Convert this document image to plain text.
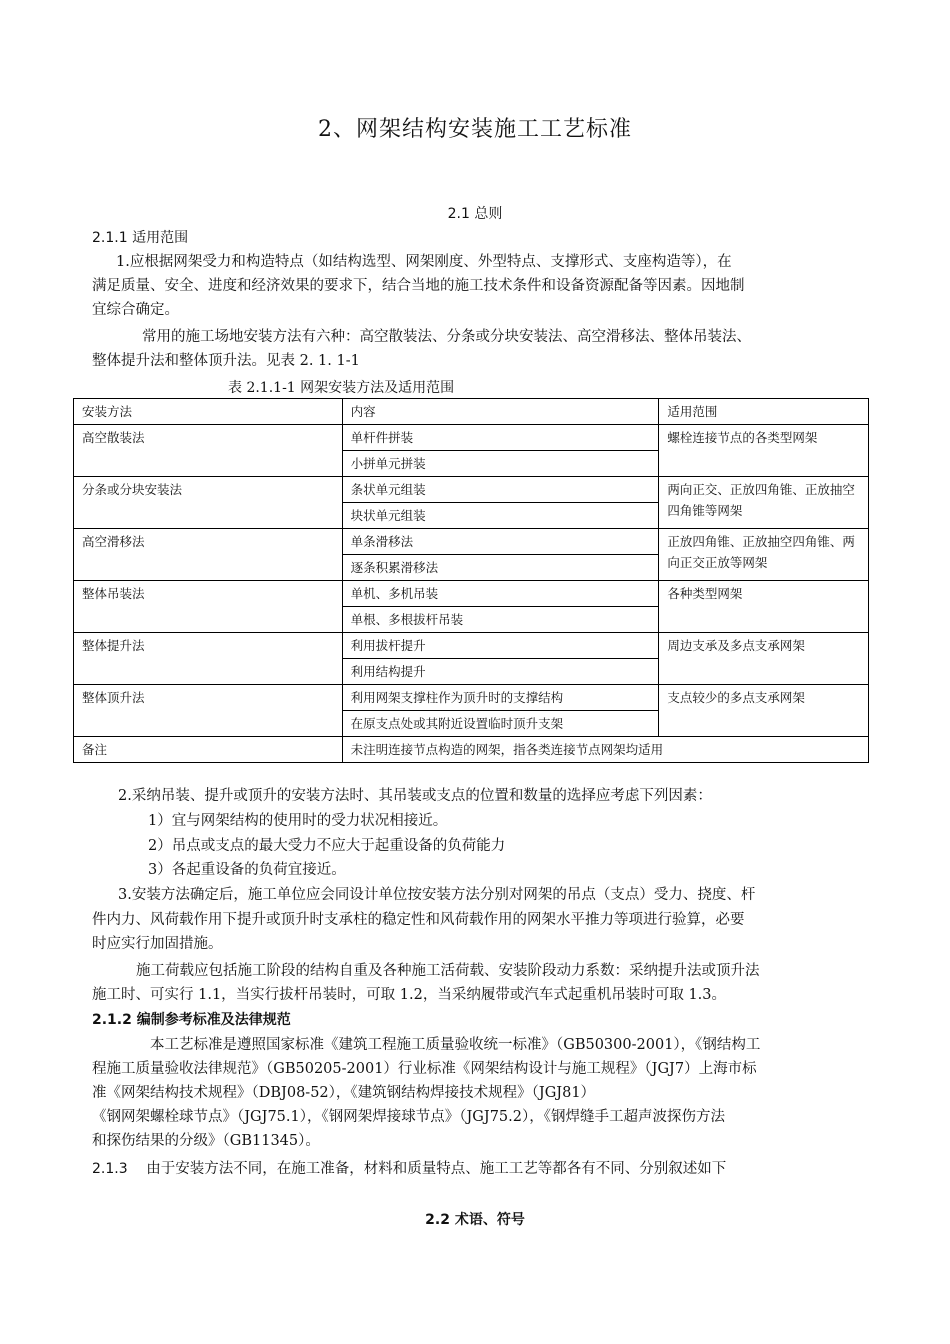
2、网架结构安装施工工艺标准
2.1 总则
2.1.1 适用范围
1.应根据网架受力和构造特点（如结构选型、网架刚度、外型特点、支撑形式、支座构造等），在
满足质量、安全、进度和经济效果的要求下，结合当地的施工技术条件和设备资源配备等因素。因地制
宜综合确定。
常用的施工场地安装方法有六种：高空散装法、分条或分块安装法、高空滑移法、整体吊装法、
整体提升法和整体顶升法。见表 2. 1. 1-1
表 2.1.1-1 网架安装方法及适用范围
安装方法	内容	适用范围
高空散装法	单杆件拼装	螺栓连接节点的各类型网架
	小拼单元拼装	
分条或分块安装法	条状单元组装	两向正交、正放四角锥、正放抽空四角锥等网架
	块状单元组装	
高空滑移法	单条滑移法	正放四角锥、正放抽空四角锥、两向正交正放等网架
	逐条积累滑移法	
整体吊装法	单机、多机吊装	各种类型网架
	单根、多根拔杆吊装	
整体提升法	利用拔杆提升	周边支承及多点支承网架
	利用结构提升	
整体顶升法	利用网架支撑柱作为顶升时的支撑结构	支点较少的多点支承网架
	在原支点处或其附近设置临时顶升支架	
备注	未注明连接节点构造的网架，指各类连接节点网架均适用	
2.采纳吊装、提升或顶升的安装方法时、其吊装或支点的位置和数量的选择应考虑下列因素：
1）宜与网架结构的使用时的受力状况相接近。
2）吊点或支点的最大受力不应大于起重设备的负荷能力
3）各起重设备的负荷宜接近。
3.安装方法确定后，施工单位应会同设计单位按安装方法分别对网架的吊点（支点）受力、挠度、杆
件内力、风荷载作用下提升或顶升时支承柱的稳定性和风荷载作用的网架水平推力等项进行验算，必要
时应实行加固措施。
施工荷载应包括施工阶段的结构自重及各种施工活荷载、安装阶段动力系数：采纳提升法或顶升法
施工时、可实行 1.1，当实行拔杆吊装时，可取 1.2，当采纳履带或汽车式起重机吊装时可取 1.3。
2.1.2 编制参考标准及法律规范
本工艺标准是遵照国家标准《建筑工程施工质量验收统一标准》（GB50300-2001），《钢结构工
程施工质量验收法律规范》（GB50205-2001）行业标准《网架结构设计与施工规程》（JGJ7）上海市标
准《网架结构技术规程》（DBJ08-52），《建筑钢结构焊接技术规程》（JGJ81）
《钢网架螺栓球节点》（JGJ75.1），《钢网架焊接球节点》（JGJ75.2），《钢焊缝手工超声波探伤方法
和探伤结果的分级》（GB11345）。
2.1.3 由于安装方法不同，在施工准备，材料和质量特点、施工工艺等都各有不同、分别叙述如下
2.2 术语、符号
